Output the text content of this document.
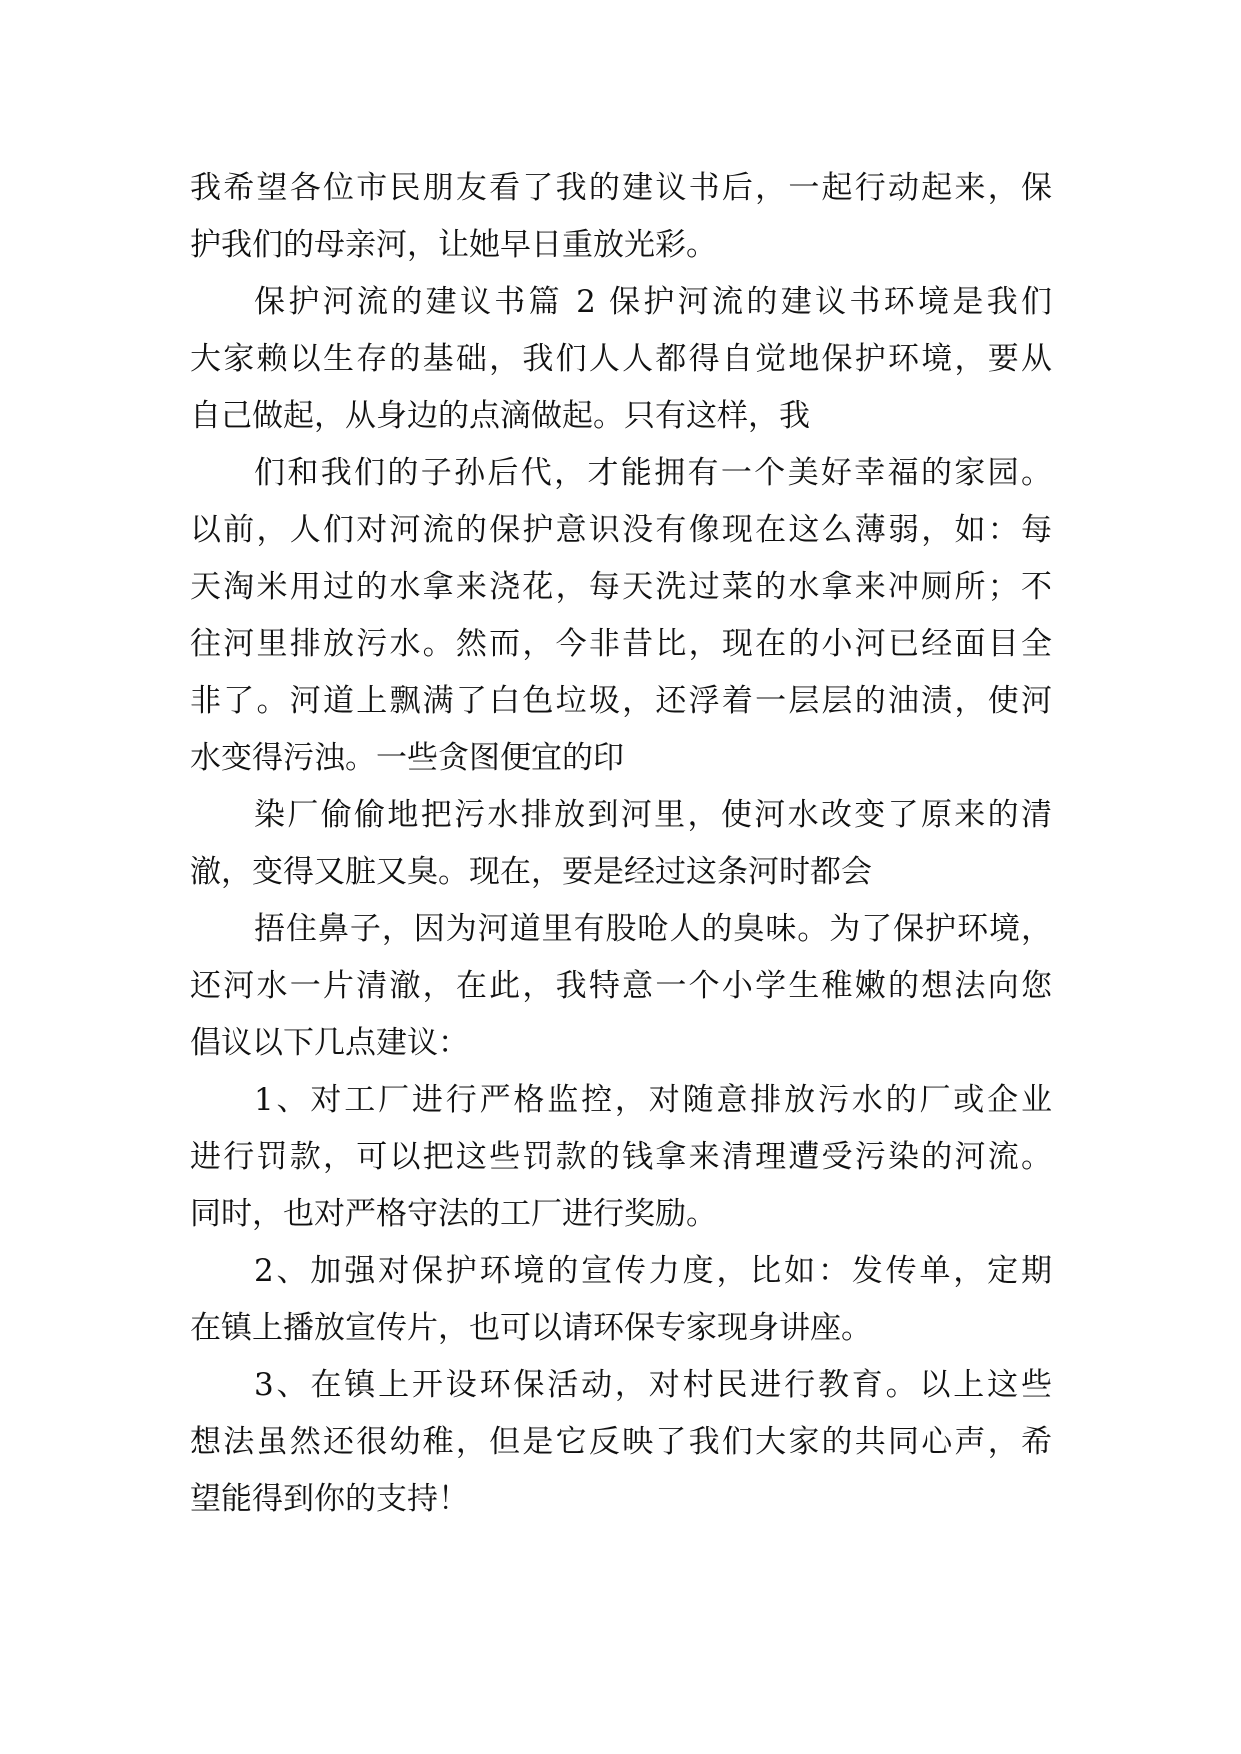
我希望各位市民朋友看了我的建议书后，一起行动起来，保
护我们的母亲河，让她早日重放光彩。
保护河流的建议书篇 2 保护河流的建议书环境是我们
大家赖以生存的基础，我们人人都得自觉地保护环境，要从
自己做起，从身边的点滴做起。只有这样，我
们和我们的子孙后代，才能拥有一个美好幸福的家园。
以前，人们对河流的保护意识没有像现在这么薄弱，如：每
天淘米用过的水拿来浇花，每天洗过菜的水拿来冲厕所；不
往河里排放污水。然而，今非昔比，现在的小河已经面目全
非了。河道上飘满了白色垃圾，还浮着一层层的油渍，使河
水变得污浊。一些贪图便宜的印
染厂偷偷地把污水排放到河里，使河水改变了原来的清
澈，变得又脏又臭。现在，要是经过这条河时都会
捂住鼻子，因为河道里有股呛人的臭味。为了保护环境，
还河水一片清澈，在此，我特意一个小学生稚嫩的想法向您
倡议以下几点建议：
1、对工厂进行严格监控，对随意排放污水的厂或企业
进行罚款，可以把这些罚款的钱拿来清理遭受污染的河流。
同时，也对严格守法的工厂进行奖励。
2、加强对保护环境的宣传力度，比如：发传单，定期
在镇上播放宣传片，也可以请环保专家现身讲座。
3、在镇上开设环保活动，对村民进行教育。以上这些
想法虽然还很幼稚，但是它反映了我们大家的共同心声，希
望能得到你的支持！
